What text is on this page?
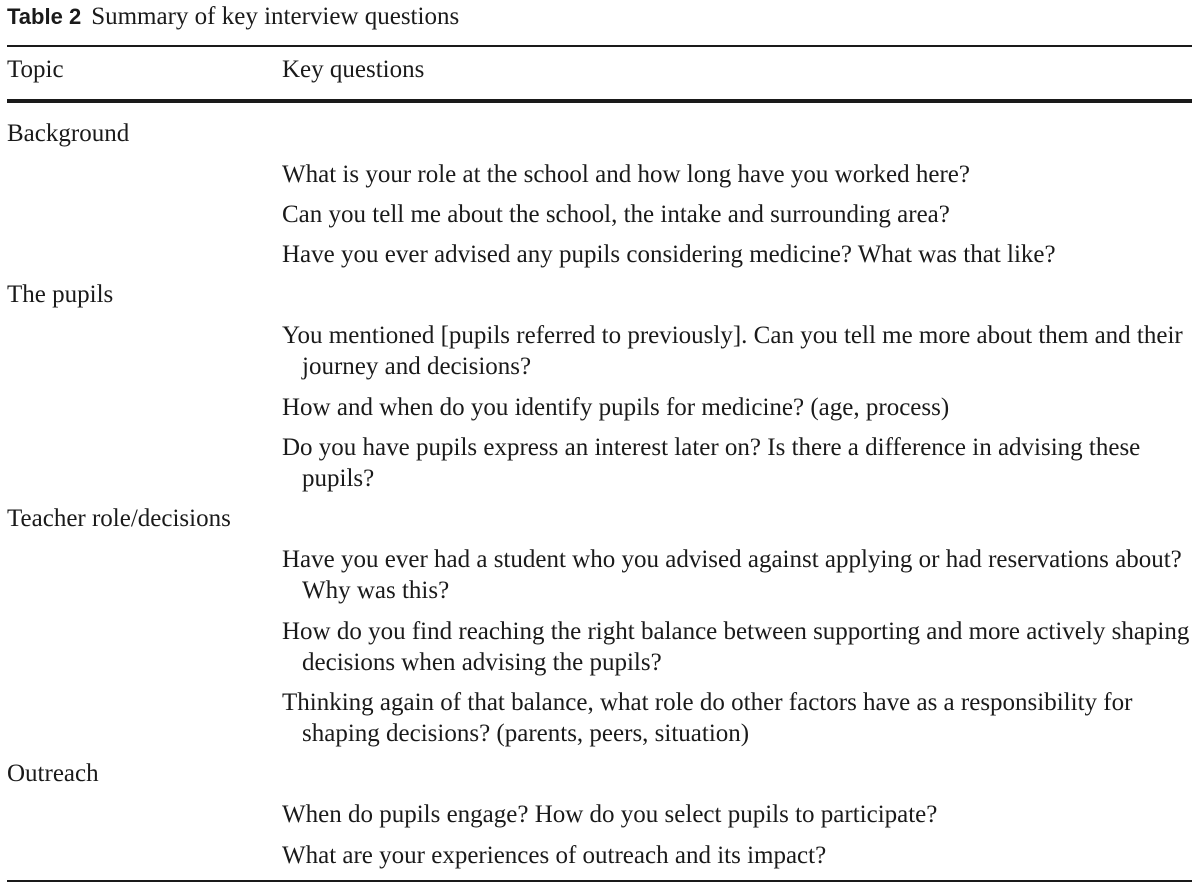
Table 2 Summary of key interview questions
Topic	Key questions
Background
What is your role at the school and how long have you worked here?
Can you tell me about the school, the intake and surrounding area?
Have you ever advised any pupils considering medicine? What was that like?
The pupils
You mentioned [pupils referred to previously]. Can you tell me more about them and their journey and decisions?
How and when do you identify pupils for medicine? (age, process)
Do you have pupils express an interest later on? Is there a difference in advising these pupils?
Teacher role/decisions
Have you ever had a student who you advised against applying or had reservations about? Why was this?
How do you find reaching the right balance between supporting and more actively shaping decisions when advising the pupils?
Thinking again of that balance, what role do other factors have as a responsibility for shaping decisions? (parents, peers, situation)
Outreach
When do pupils engage? How do you select pupils to participate?
What are your experiences of outreach and its impact?
